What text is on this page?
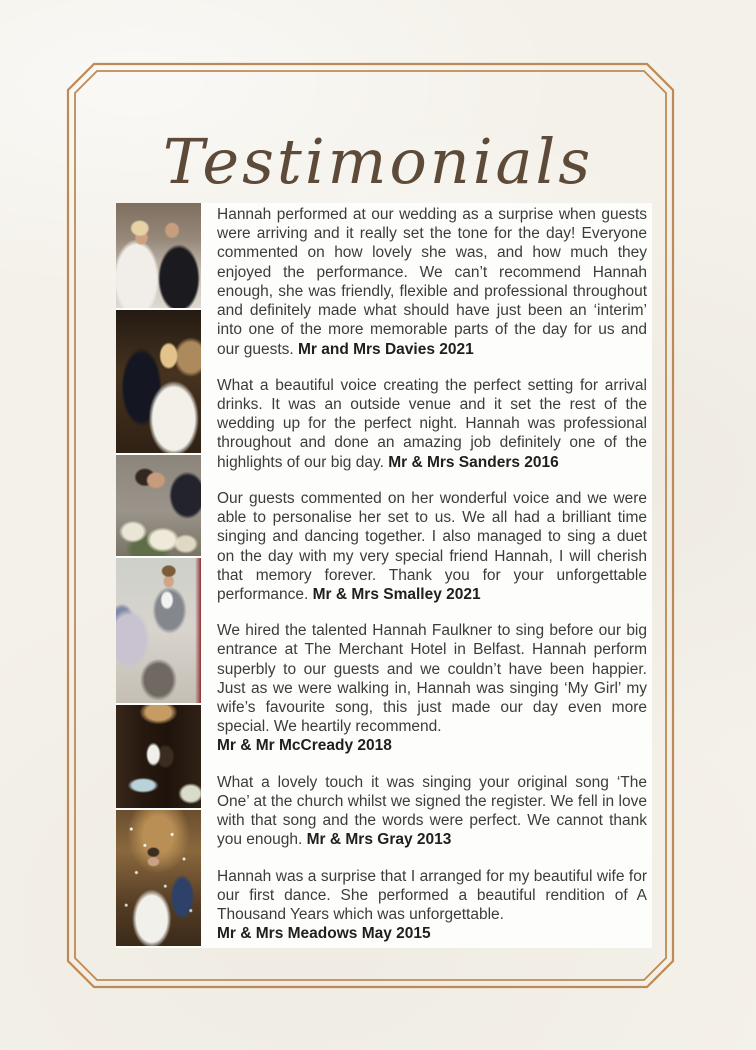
Testimonials

Hannah performed at our wedding as a surprise when guests were arriving and it really set the tone for the day! Everyone commented on how lovely she was, and how much they enjoyed the performance. We can’t recommend Hannah enough, she was friendly, flexible and professional throughout and definitely made what should have just been an ‘interim’ into one of the more memorable parts of the day for us and our guests. Mr and Mrs Davies 2021

What a beautiful voice creating the perfect setting for arrival drinks. It was an outside venue and it set the rest of the wedding up for the perfect night. Hannah was professional throughout and done an amazing job definitely one of the highlights of our big day. Mr & Mrs Sanders 2016

Our guests commented on her wonderful voice and we were able to personalise her set to us. We all had a brilliant time singing and dancing together. I also managed to sing a duet on the day with my very special friend Hannah, I will cherish that memory forever. Thank you for your unforgettable performance. Mr & Mrs Smalley 2021

We hired the talented Hannah Faulkner to sing before our big entrance at The Merchant Hotel in Belfast. Hannah perform superbly to our guests and we couldn’t have been happier. Just as we were walking in, Hannah was singing ‘My Girl’ my wife’s favourite song, this just made our day even more special. We heartily recommend.
Mr & Mr McCready 2018

What a lovely touch it was singing your original song ‘The One’ at the church whilst we signed the register. We fell in love with that song and the words were perfect. We cannot thank you enough. Mr & Mrs Gray 2013

Hannah was a surprise that I arranged for my beautiful wife for our first dance. She performed a beautiful rendition of A Thousand Years which was unforgettable.
Mr & Mrs Meadows May 2015
